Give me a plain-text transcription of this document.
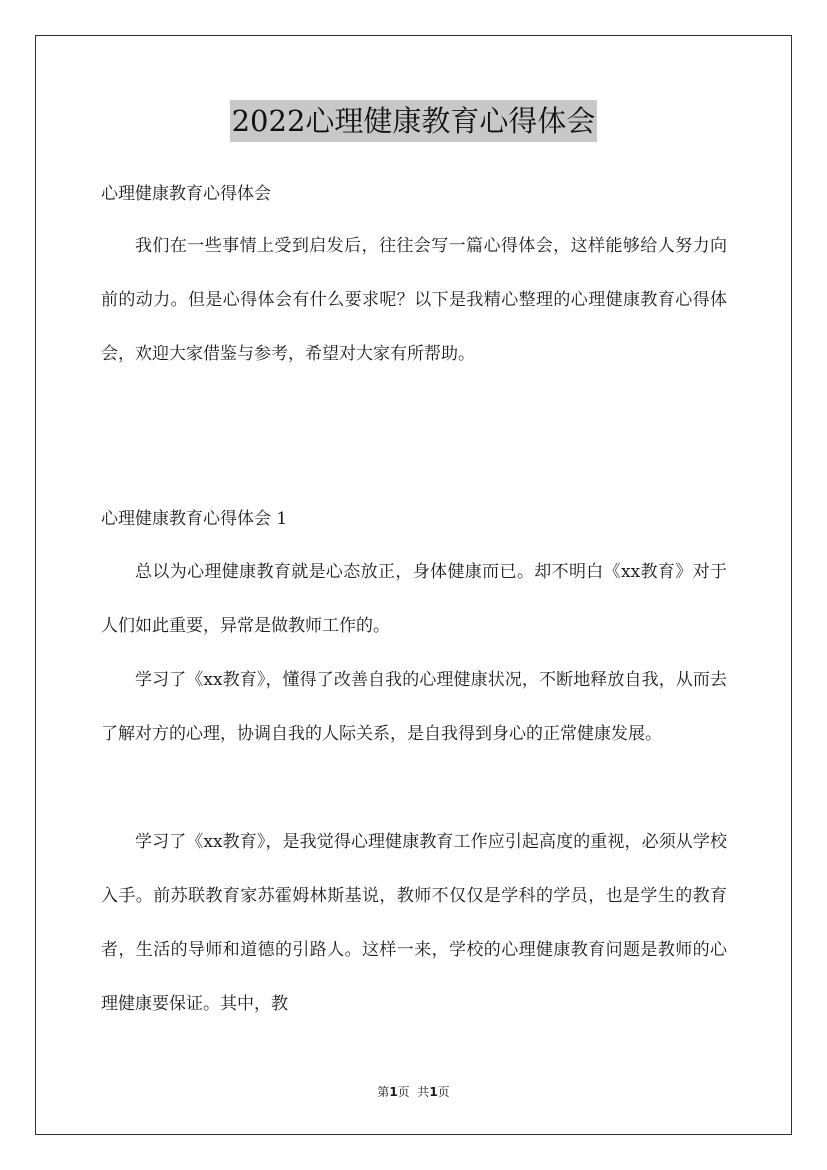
2022心理健康教育心得体会
心理健康教育心得体会
我们在一些事情上受到启发后，往往会写一篇心得体会，这样能够给人努力向前的动力。但是心得体会有什么要求呢？以下是我精心整理的心理健康教育心得体会，欢迎大家借鉴与参考，希望对大家有所帮助。
心理健康教育心得体会 1
总以为心理健康教育就是心态放正，身体健康而已。却不明白《xx教育》对于人们如此重要，异常是做教师工作的。
学习了《xx教育》，懂得了改善自我的心理健康状况，不断地释放自我，从而去了解对方的心理，协调自我的人际关系，是自我得到身心的正常健康发展。
学习了《xx教育》，是我觉得心理健康教育工作应引起高度的重视，必须从学校入手。前苏联教育家苏霍姆林斯基说，教师不仅仅是学科的学员，也是学生的教育者，生活的导师和道德的引路人。这样一来，学校的心理健康教育问题是教师的心理健康要保证。其中，教
第1页  共1页
